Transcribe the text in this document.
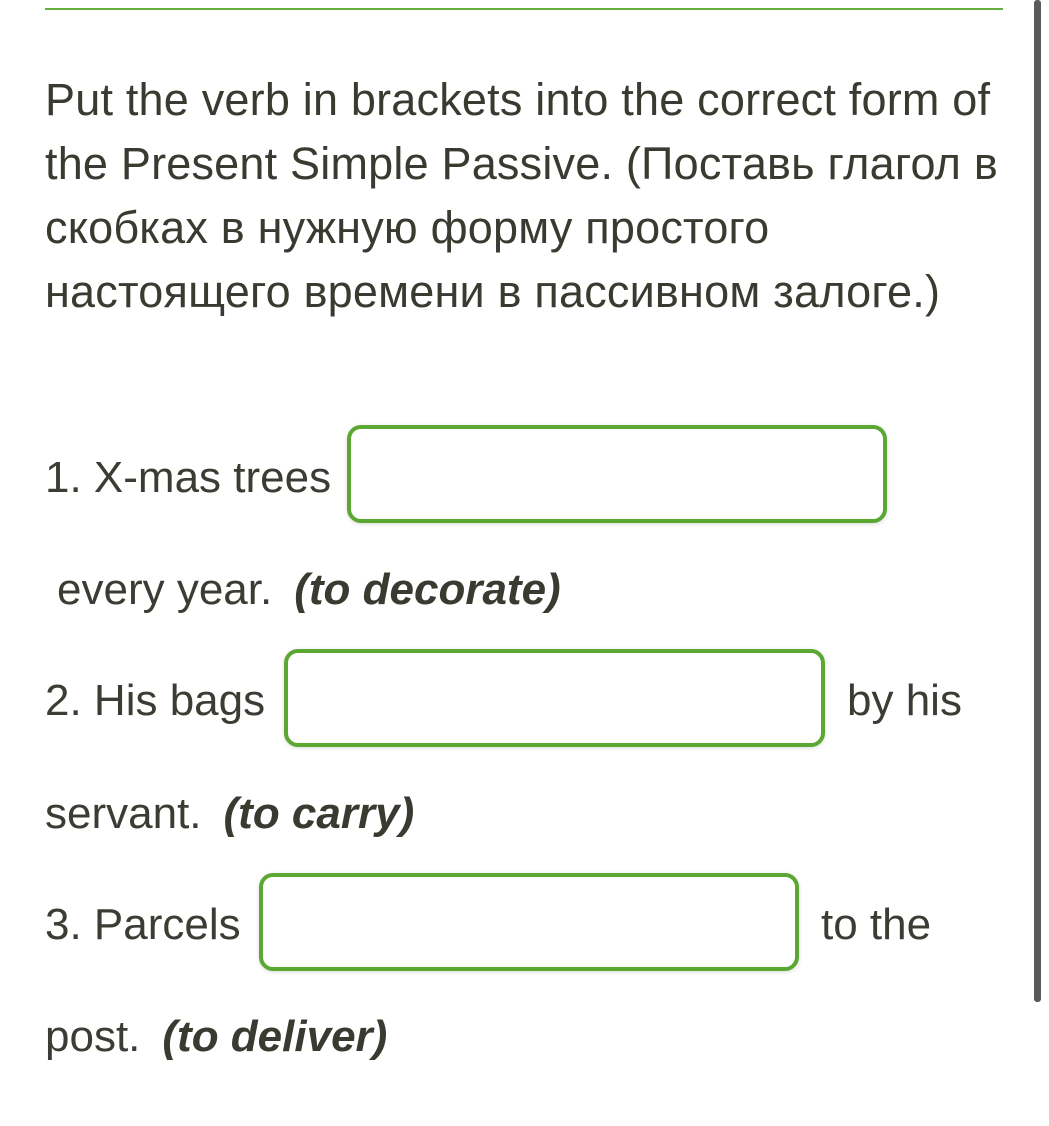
Put the verb in brackets into the correct form of the Present Simple Passive. (Поставь глагол в скобках в нужную форму простого настоящего времени в пассивном залоге.)
1. X-mas trees
every year. (to decorate)
2. His bags	by his
servant. (to carry)
3. Parcels	to the
post. (to deliver)
